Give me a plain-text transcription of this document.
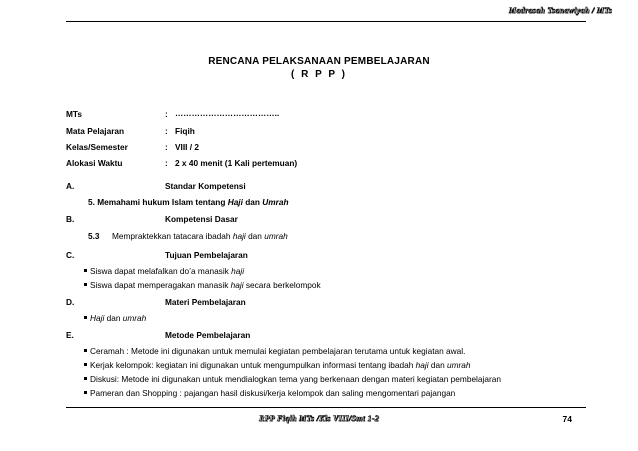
Madrasah Tsanawiyah / MTs
RENCANA PELAKSANAAN PEMBELAJARAN
( R P P )
MTs	: ………………………………..
Mata Pelajaran	: Fiqih
Kelas/Semester	: VIII / 2
Alokasi Waktu	: 2 x 40 menit (1 Kali pertemuan)
A.	Standar Kompetensi
5. Memahami hukum Islam tentang Haji dan Umrah
B.	Kompetensi Dasar
5.3 Mempraktekkan tatacara ibadah haji dan umrah
C.	Tujuan Pembelajaran
Siswa dapat melafalkan do’a manasik haji
Siswa dapat memperagakan manasik haji secara berkelompok
D.	Materi Pembelajaran
Haji dan umrah
E.	Metode Pembelajaran
Ceramah : Metode ini digunakan untuk memulai kegiatan pembelajaran terutama untuk kegiatan awal.
Kerjak kelompok: kegiatan ini digunakan untuk mengumpulkan informasi tentang ibadah haji dan umrah
Diskusi: Metode ini digunakan untuk mendialogkan tema yang berkenaan dengan materi kegiatan pembelajaran
Pameran dan Shopping : pajangan hasil diskusi/kerja kelompok dan saling mengomentari pajangan
RPP Fiqih MTs /Kls VIII/Smt 1-2	74
